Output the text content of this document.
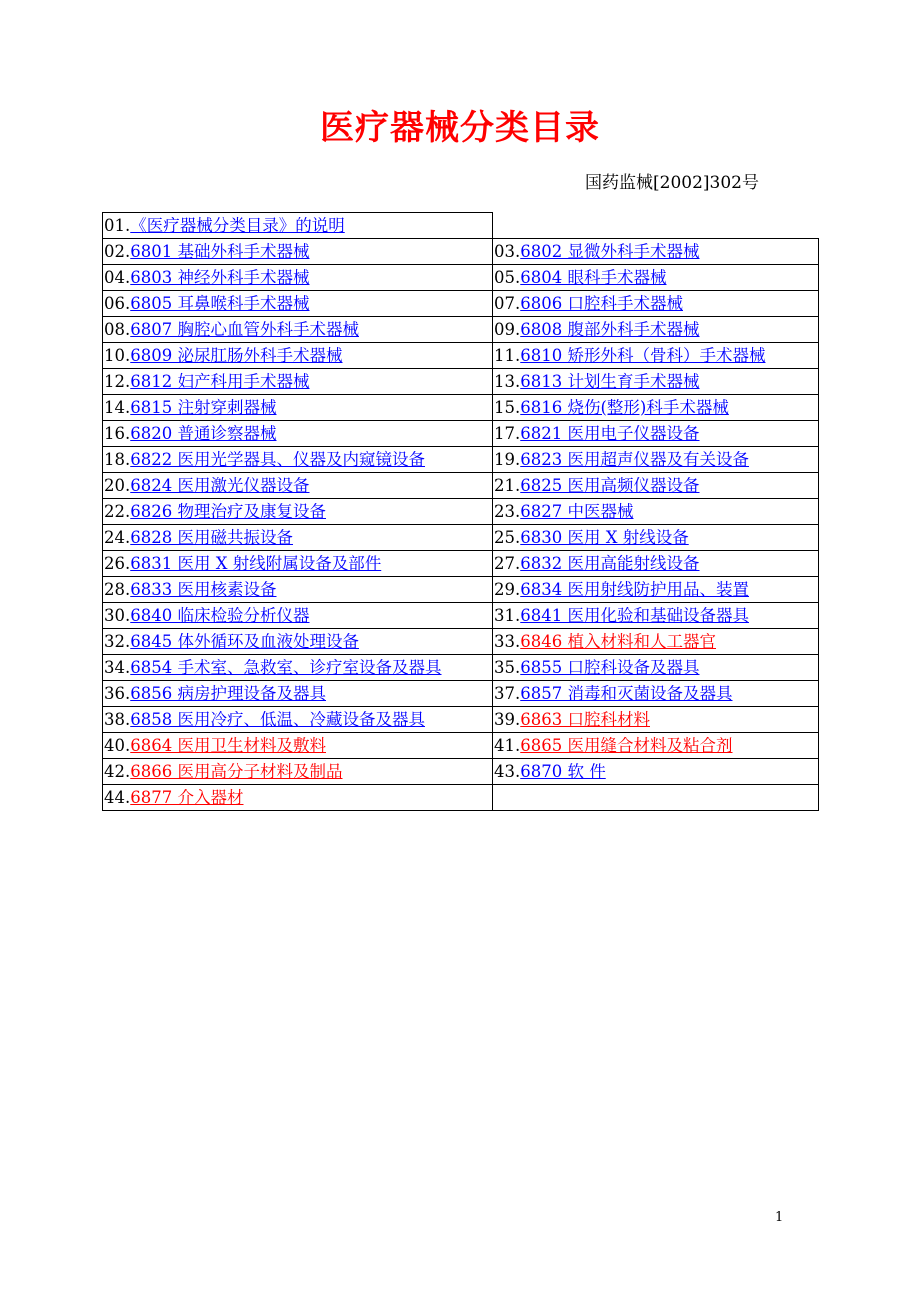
医疗器械分类目录
国药监械[2002]302号
01.《医疗器械分类目录》的说明	
02.6801 基础外科手术器械	03.6802 显微外科手术器械
04.6803 神经外科手术器械	05.6804 眼科手术器械
06.6805 耳鼻喉科手术器械	07.6806 口腔科手术器械
08.6807 胸腔心血管外科手术器械	09.6808 腹部外科手术器械
10.6809 泌尿肛肠外科手术器械	11.6810 矫形外科（骨科）手术器械
12.6812 妇产科用手术器械	13.6813 计划生育手术器械
14.6815 注射穿刺器械	15.6816 烧伤(整形)科手术器械
16.6820 普通诊察器械	17.6821 医用电子仪器设备
18.6822 医用光学器具、仪器及内窥镜设备	19.6823 医用超声仪器及有关设备
20.6824 医用激光仪器设备	21.6825 医用高频仪器设备
22.6826 物理治疗及康复设备	23.6827 中医器械
24.6828 医用磁共振设备	25.6830 医用 X 射线设备
26.6831 医用 X 射线附属设备及部件	27.6832 医用高能射线设备
28.6833 医用核素设备	29.6834 医用射线防护用品、装置
30.6840 临床检验分析仪器	31.6841 医用化验和基础设备器具
32.6845 体外循环及血液处理设备	33.6846 植入材料和人工器官
34.6854 手术室、急救室、诊疗室设备及器具	35.6855 口腔科设备及器具
36.6856 病房护理设备及器具	37.6857 消毒和灭菌设备及器具
38.6858 医用冷疗、低温、冷藏设备及器具	39.6863 口腔科材料
40.6864 医用卫生材料及敷料	41.6865 医用缝合材料及粘合剂
42.6866 医用高分子材料及制品	43.6870 软 件
44.6877 介入器材	
1
